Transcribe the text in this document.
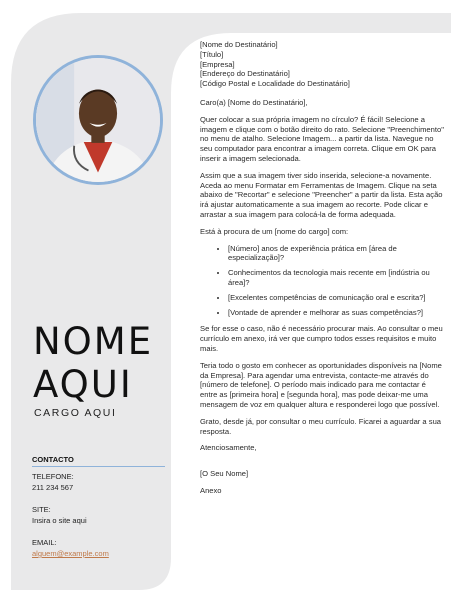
NOME
AQUI
CARGO AQUI
CONTACTO
TELEFONE:
211 234 567
SITE:
Insira o site aqui
EMAIL:
alguem@example.com

[Nome do Destinatário]

[Título]

[Empresa]

[Endereço do Destinatário]

[Código Postal e Localidade do Destinatário]

Caro(a) [Nome do Destinatário],

Quer colocar a sua própria imagem no círculo? É fácil! Selecione a imagem e clique com o botão direito do rato. Selecione "Preenchimento" no menu de atalho. Selecione Imagem... a partir da lista. Navegue no seu computador para encontrar a imagem correta. Clique em OK para inserir a imagem selecionada.

Assim que a sua imagem tiver sido inserida, selecione-a novamente. Aceda ao menu Formatar em Ferramentas de Imagem. Clique na seta abaixo de "Recortar" e selecione "Preencher" a partir da lista. Esta ação irá ajustar automaticamente a sua imagem ao recorte. Pode clicar e arrastar a sua imagem para colocá-la de forma adequada.

Está à procura de um [nome do cargo] com:

• [Número] anos de experiência prática em [área de especialização]?
• Conhecimentos da tecnologia mais recente em [indústria ou área]?
• [Excelentes competências de comunicação oral e escrita?]
• [Vontade de aprender e melhorar as suas competências?]

Se for esse o caso, não é necessário procurar mais. Ao consultar o meu currículo em anexo, irá ver que cumpro todos esses requisitos e muito mais.

Teria todo o gosto em conhecer as oportunidades disponíveis na [Nome da Empresa]. Para agendar uma entrevista, contacte-me através do [número de telefone]. O período mais indicado para me contactar é entre as [primeira hora] e [segunda hora], mas pode deixar-me uma mensagem de voz em qualquer altura e responderei logo que possível.

Grato, desde já, por consultar o meu currículo. Ficarei a aguardar a sua resposta.

Atenciosamente,

[O Seu Nome]

Anexo
